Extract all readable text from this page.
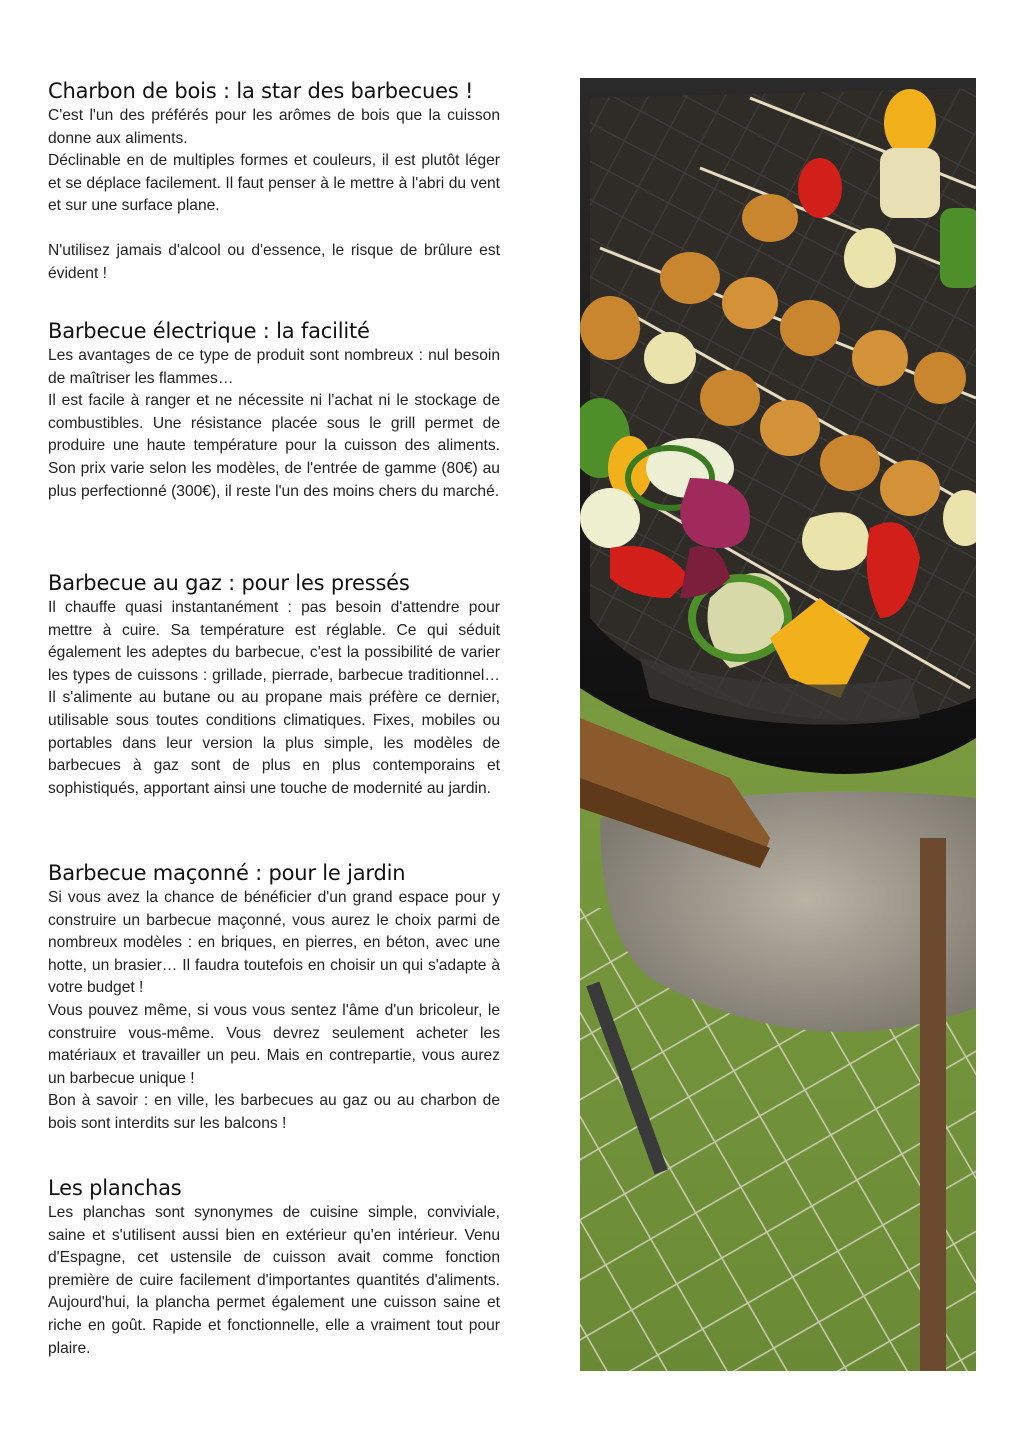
Charbon de bois : la star des barbecues !

C'est l'un des préférés pour les arômes de bois que la cuisson donne aux aliments.

Déclinable en de multiples formes et couleurs, il est plutôt léger et se déplace facilement. Il faut penser à le mettre à l'abri du vent et sur une surface plane.

N'utilisez jamais d'alcool ou d'essence, le risque de brûlure est évident !

Barbecue électrique : la facilité

Les avantages de ce type de produit sont nombreux : nul besoin de maîtriser les flammes…

Il est facile à ranger et ne nécessite ni l'achat ni le stockage de combustibles. Une résistance placée sous le grill permet de produire une haute température pour la cuisson des aliments. Son prix varie selon les modèles, de l'entrée de gamme (80€) au plus perfectionné (300€), il reste l'un des moins chers du marché.

Barbecue au gaz : pour les pressés

Il chauffe quasi instantanément : pas besoin d'attendre pour mettre à cuire. Sa température est réglable. Ce qui séduit également les adeptes du barbecue, c'est la possibilité de varier les types de cuissons : grillade, pierrade, barbecue traditionnel… Il s'alimente au butane ou au propane mais préfère ce dernier, utilisable sous toutes conditions climatiques. Fixes, mobiles ou portables dans leur version la plus simple, les modèles de barbecues à gaz sont de plus en plus contemporains et sophistiqués, apportant ainsi une touche de modernité au jardin.

Barbecue maçonné : pour le jardin

Si vous avez la chance de bénéficier d'un grand espace pour y construire un barbecue maçonné, vous aurez le choix parmi de nombreux modèles : en briques, en pierres, en béton, avec une hotte, un brasier… Il faudra toutefois en choisir un qui s'adapte à votre budget !

Vous pouvez même, si vous vous sentez l'âme d'un bricoleur, le construire vous-même. Vous devrez seulement acheter les matériaux et travailler un peu. Mais en contrepartie, vous aurez un barbecue unique !

Bon à savoir : en ville, les barbecues au gaz ou au charbon de bois sont interdits sur les balcons !

Les planchas

Les planchas sont synonymes de cuisine simple, conviviale, saine et s'utilisent aussi bien en extérieur qu'en intérieur. Venu d'Espagne, cet ustensile de cuisson avait comme fonction première de cuire facilement d'importantes quantités d'aliments. Aujourd'hui, la plancha permet également une cuisson saine et riche en goût. Rapide et fonctionnelle, elle a vraiment tout pour plaire.
